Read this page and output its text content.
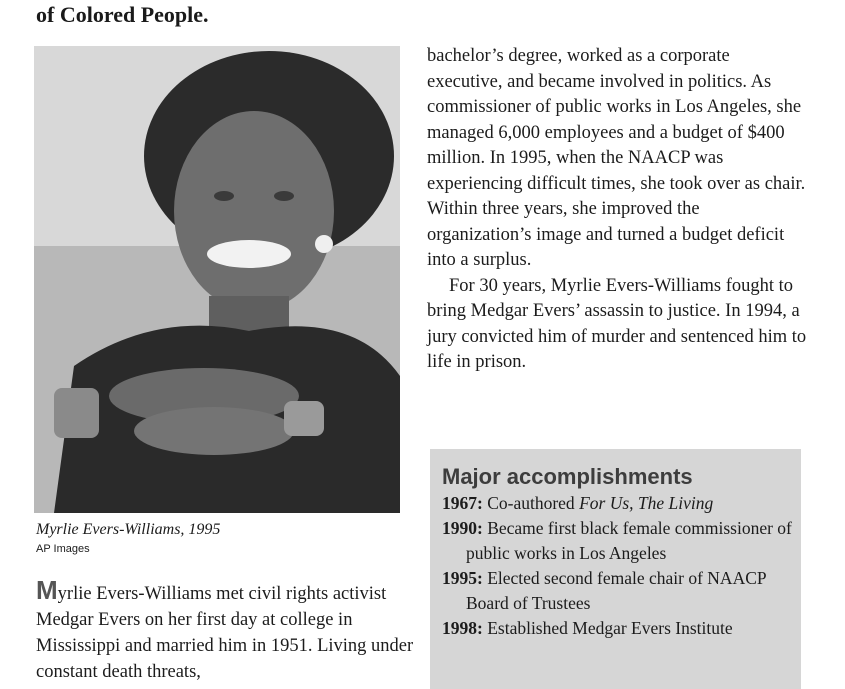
of Colored People.

Myrlie Evers-Williams, 1995

AP Images

Myrlie Evers-Williams met civil rights activist Medgar Evers on her first day at college in Mississippi and married him in 1951. Living under constant death threats,

bachelor’s degree, worked as a corporate executive, and became involved in politics. As commissioner of public works in Los Angeles, she managed 6,000 employees and a budget of $400 million. In 1995, when the NAACP was experiencing difficult times, she took over as chair. Within three years, she improved the organization’s image and turned a budget deficit into a surplus.

For 30 years, Myrlie Evers-Williams fought to bring Medgar Evers’ assassin to justice. In 1994, a jury convicted him of murder and sentenced him to life in prison.

Major accomplishments
1967: Co-authored For Us, The Living
1990: Became first black female commissioner of public works in Los Angeles
1995: Elected second female chair of NAACP Board of Trustees
1998: Established Medgar Evers Institute
